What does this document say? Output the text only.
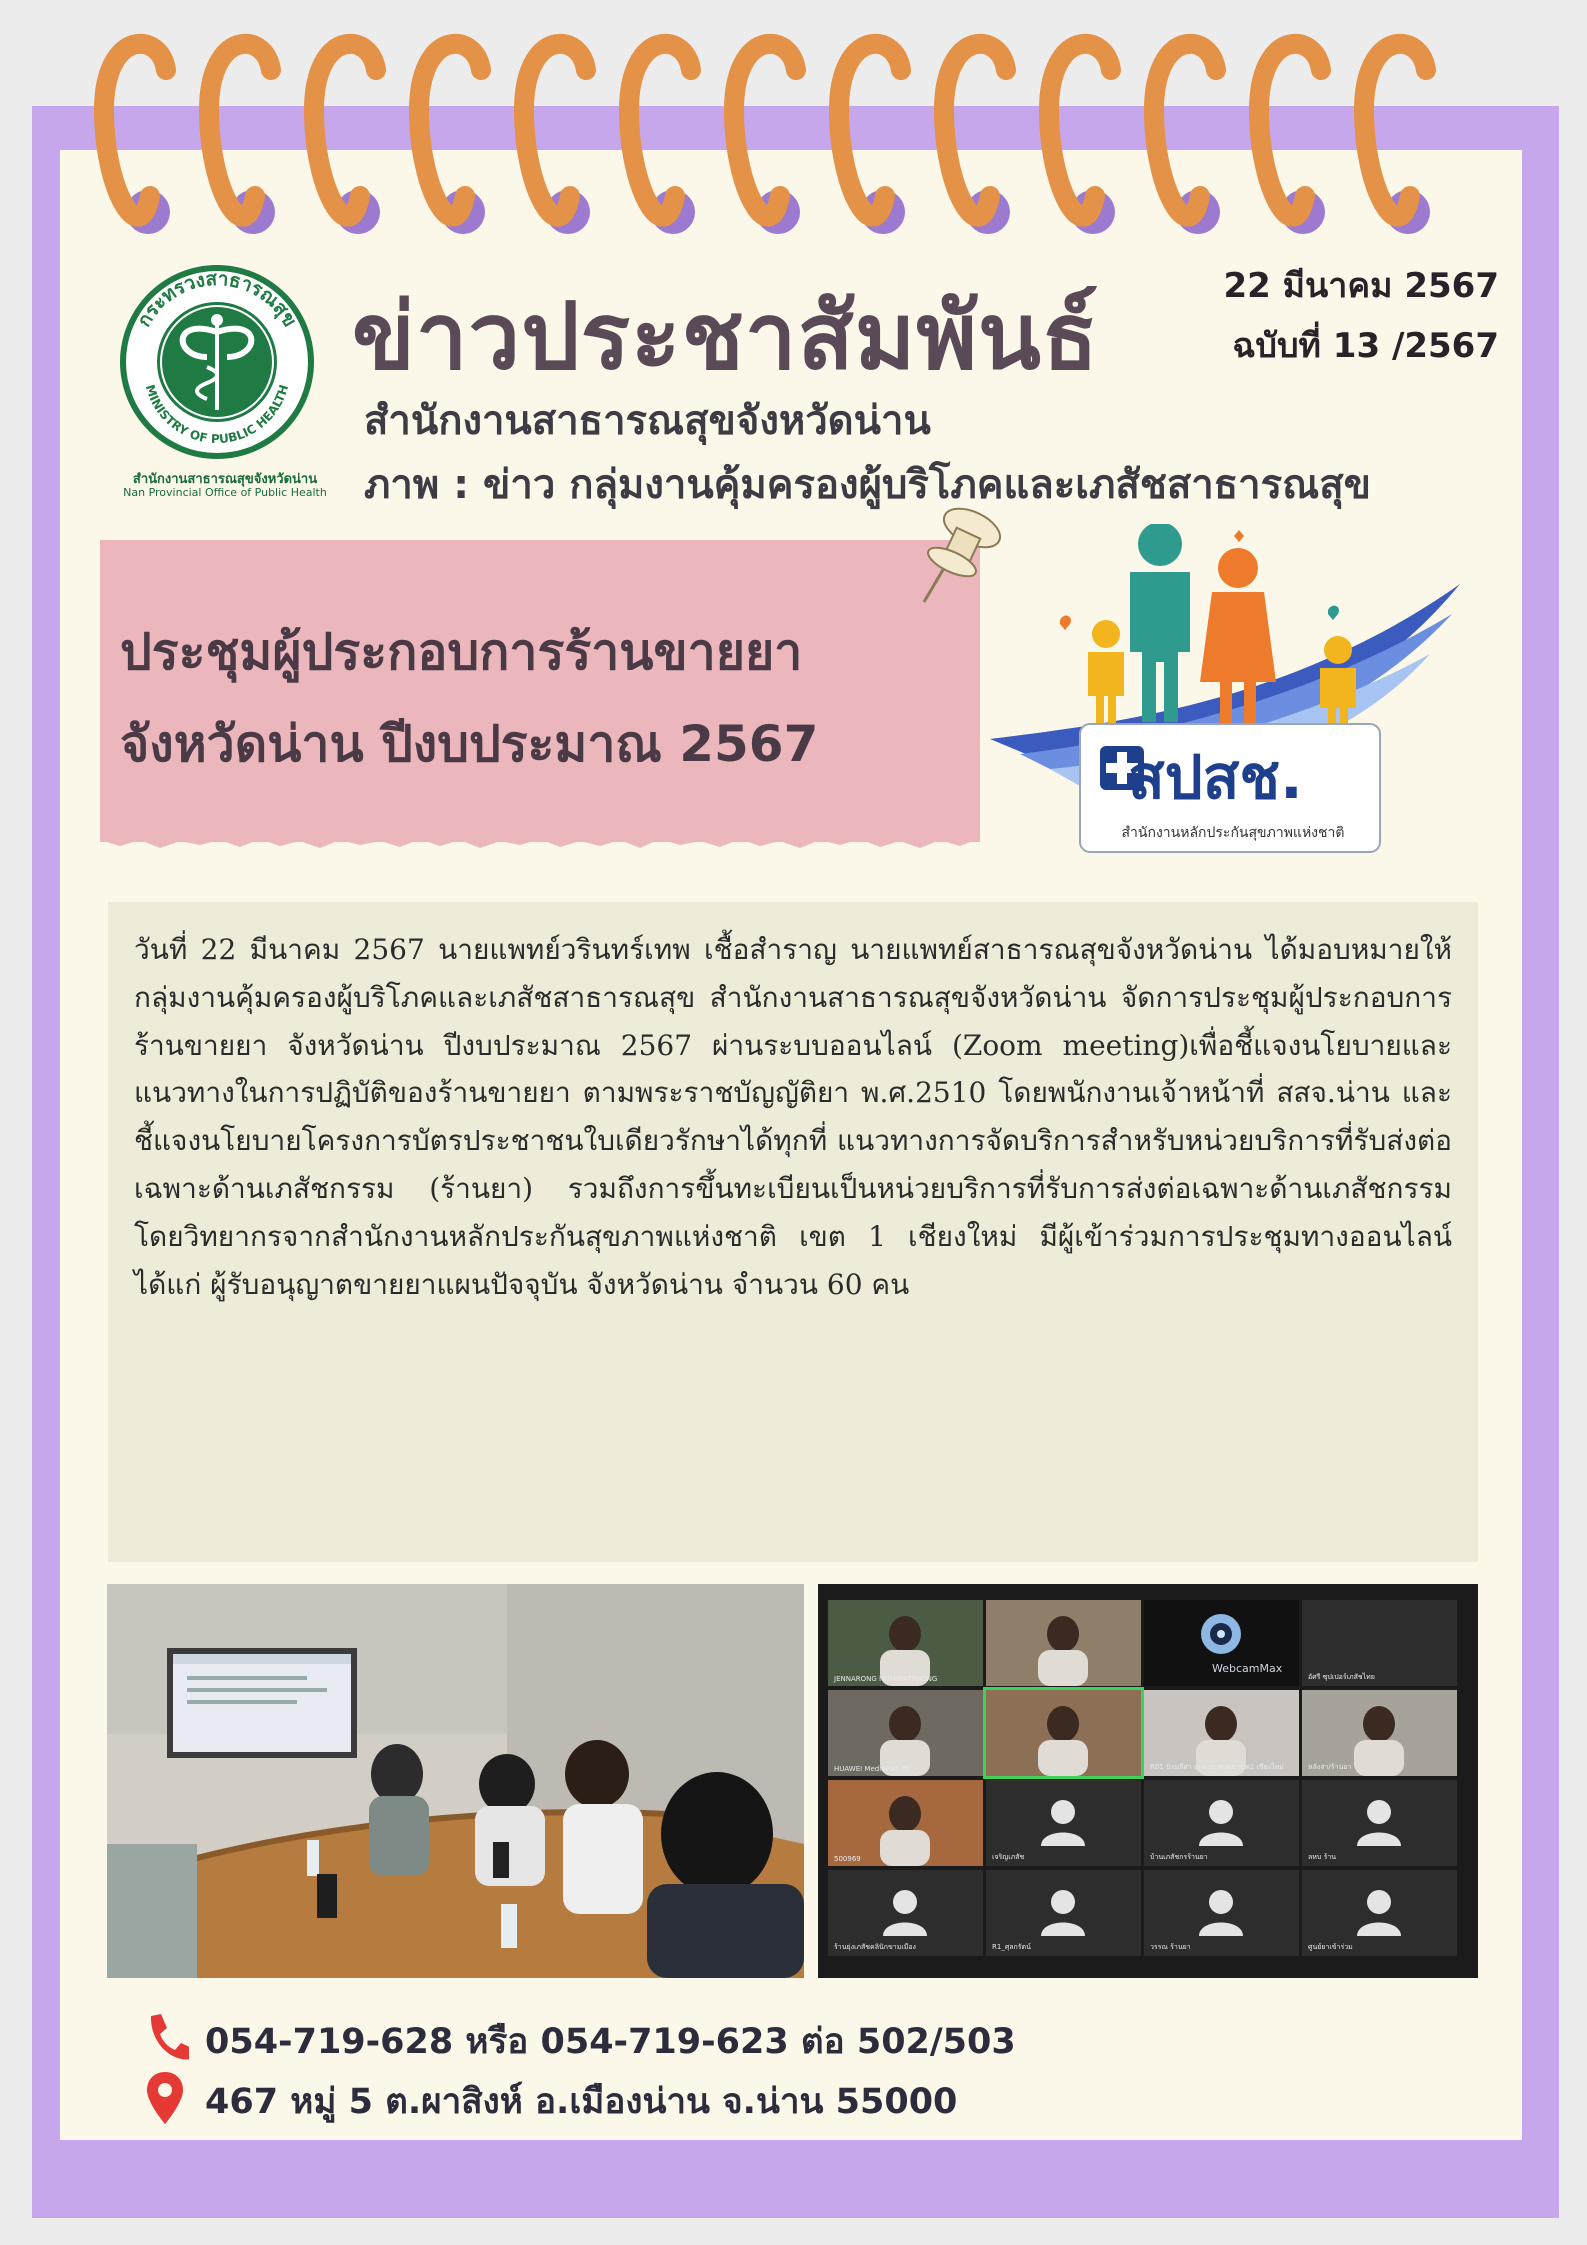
กระทรวงสาธารณสุข
MINISTRY OF PUBLIC HEALTH
สำนักงานสาธารณสุขจังหวัดน่าน
Nan Provincial Office of Public Health
ข่าวประชาสัมพันธ์
สำนักงานสาธารณสุขจังหวัดน่าน
ภาพ : ข่าว กลุ่มงานคุ้มครองผู้บริโภคและเภสัชสาธารณสุข
22 มีนาคม 2567
ฉบับที่ 13 /2567
ประชุมผู้ประกอบการร้านขายยา
จังหวัดน่าน ปีงบประมาณ 2567	สปสช.
สำนักงานหลักประกันสุขภาพแห่งชาติ
วันที่ 22 มีนาคม 2567 นายแพทย์วรินทร์เทพ เชื้อสำราญ นายแพทย์สาธารณสุขจังหวัดน่าน ได้มอบหมายให้กลุ่มงานคุ้มครองผู้บริโภคและเภสัชสาธารณสุข สำนักงานสาธารณสุขจังหวัดน่าน จัดการประชุมผู้ประกอบการร้านขายยา จังหวัดน่าน ปีงบประมาณ 2567 ผ่านระบบออนไลน์ (Zoom meeting)เพื่อชี้แจงนโยบายและแนวทางในการปฏิบัติของร้านขายยา ตามพระราชบัญญัติยา พ.ศ.2510 โดยพนักงานเจ้าหน้าที่ สสจ.น่าน และชี้แจงนโยบายโครงการบัตรประชาชนใบเดียวรักษาได้ทุกที่ แนวทางการจัดบริการสำหรับหน่วยบริการที่รับส่งต่อเฉพาะด้านเภสัชกรรม (ร้านยา) รวมถึงการขึ้นทะเบียนเป็นหน่วยบริการที่รับการส่งต่อเฉพาะด้านเภสัชกรรม โดยวิทยากรจากสำนักงานหลักประกันสุขภาพแห่งชาติ เขต 1 เชียงใหม่ มีผู้เข้าร่วมการประชุมทางออนไลน์ ได้แก่ ผู้รับอนุญาตขายยาแผนปัจจุบัน จังหวัดน่าน จำนวน 60 คน
JENNARONG NITHINATPHONG
WebcamMax
อัศรี ซุปเปอร์เภสัชไทย
HUAWEI MediaPad T5	R01 นิรมลีสา อุปนาม สปสช เขต1 เชียงใหม่	หลังสา/ร้านยา
500969	เจริญเภสัช	บ้านเภสัชกรร้านยา	ลหบ ร้าน
ร้านยุ่งเภสัชคลินิกขามเมือง	R1_ศุลกรัตน์	วรรณ ร้านยา	ศูนย์ยาเข้าร่วม
054-719-628 หรือ 054-719-623 ต่อ 502/503
467 หมู่ 5 ต.ผาสิงห์ อ.เมืองน่าน จ.น่าน 55000
